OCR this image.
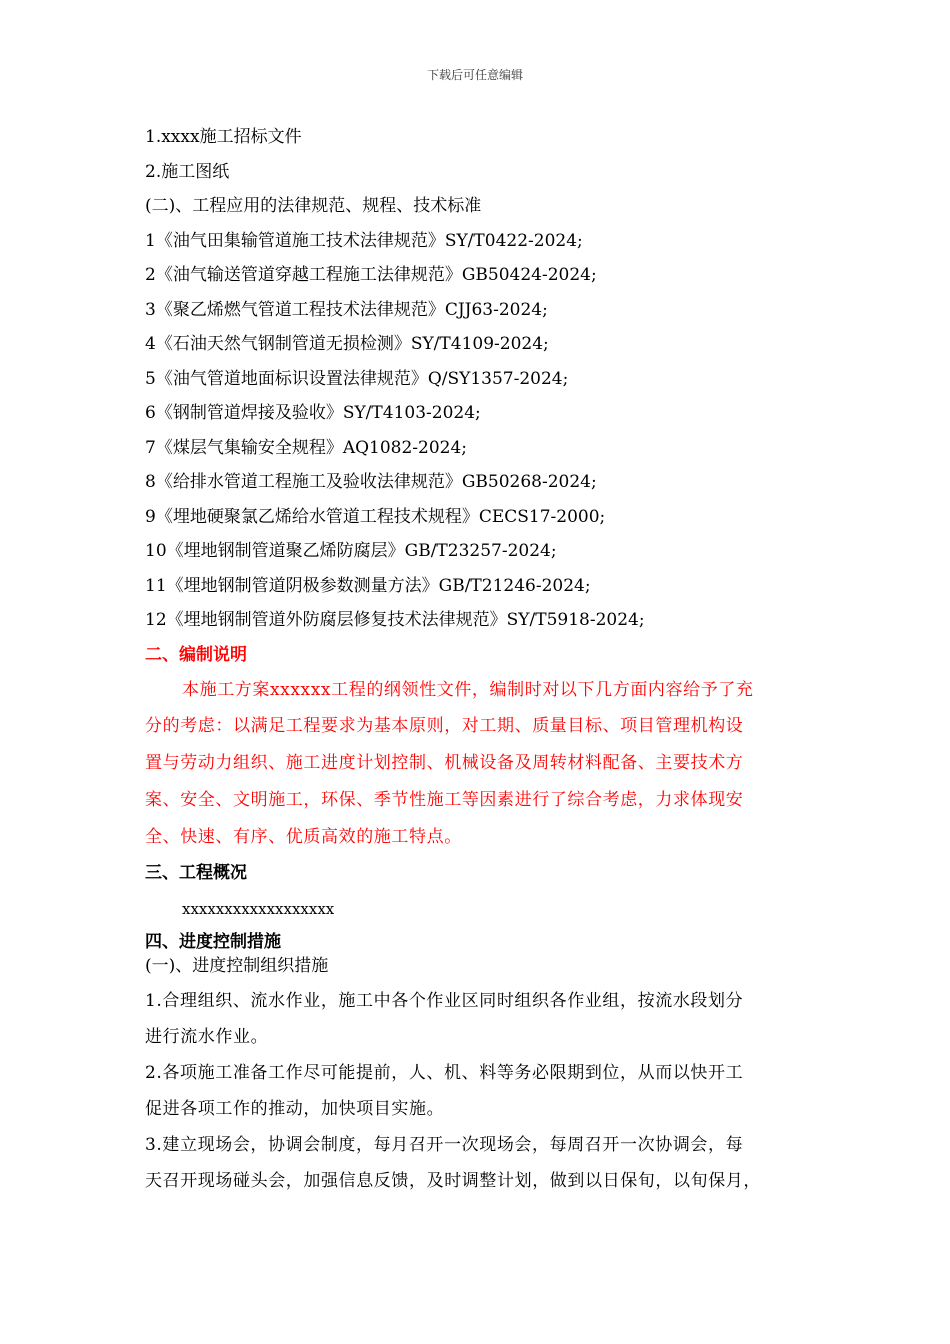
下载后可任意编辑
1.xxxx施工招标文件
2.施工图纸
(二)、工程应用的法律规范、规程、技术标准
1《油气田集输管道施工技术法律规范》SY/T0422-2024;
2《油气输送管道穿越工程施工法律规范》GB50424-2024;
3《聚乙烯燃气管道工程技术法律规范》CJJ63-2024;
4《石油天然气钢制管道无损检测》SY/T4109-2024;
5《油气管道地面标识设置法律规范》Q/SY1357-2024;
6《钢制管道焊接及验收》SY/T4103-2024;
7《煤层气集输安全规程》AQ1082-2024;
8《给排水管道工程施工及验收法律规范》GB50268-2024;
9《埋地硬聚氯乙烯给水管道工程技术规程》CECS17-2000;
10《埋地钢制管道聚乙烯防腐层》GB/T23257-2024;
11《埋地钢制管道阴极参数测量方法》GB/T21246-2024;
12《埋地钢制管道外防腐层修复技术法律规范》SY/T5918-2024;
二、编制说明
本施工方案xxxxxx工程的纲领性文件，编制时对以下几方面内容给予了充
分的考虑：以满足工程要求为基本原则，对工期、质量目标、项目管理机构设
置与劳动力组织、施工进度计划控制、机械设备及周转材料配备、主要技术方
案、安全、文明施工，环保、季节性施工等因素进行了综合考虑，力求体现安
全、快速、有序、优质高效的施工特点。
三、工程概况
xxxxxxxxxxxxxxxxxx
四、进度控制措施
(一)、进度控制组织措施
1.合理组织、流水作业，施工中各个作业区同时组织各作业组，按流水段划分
进行流水作业。
2.各项施工准备工作尽可能提前，人、机、料等务必限期到位，从而以快开工
促进各项工作的推动，加快项目实施。
3.建立现场会，协调会制度，每月召开一次现场会，每周召开一次协调会，每
天召开现场碰头会，加强信息反馈，及时调整计划，做到以日保旬，以旬保月，
